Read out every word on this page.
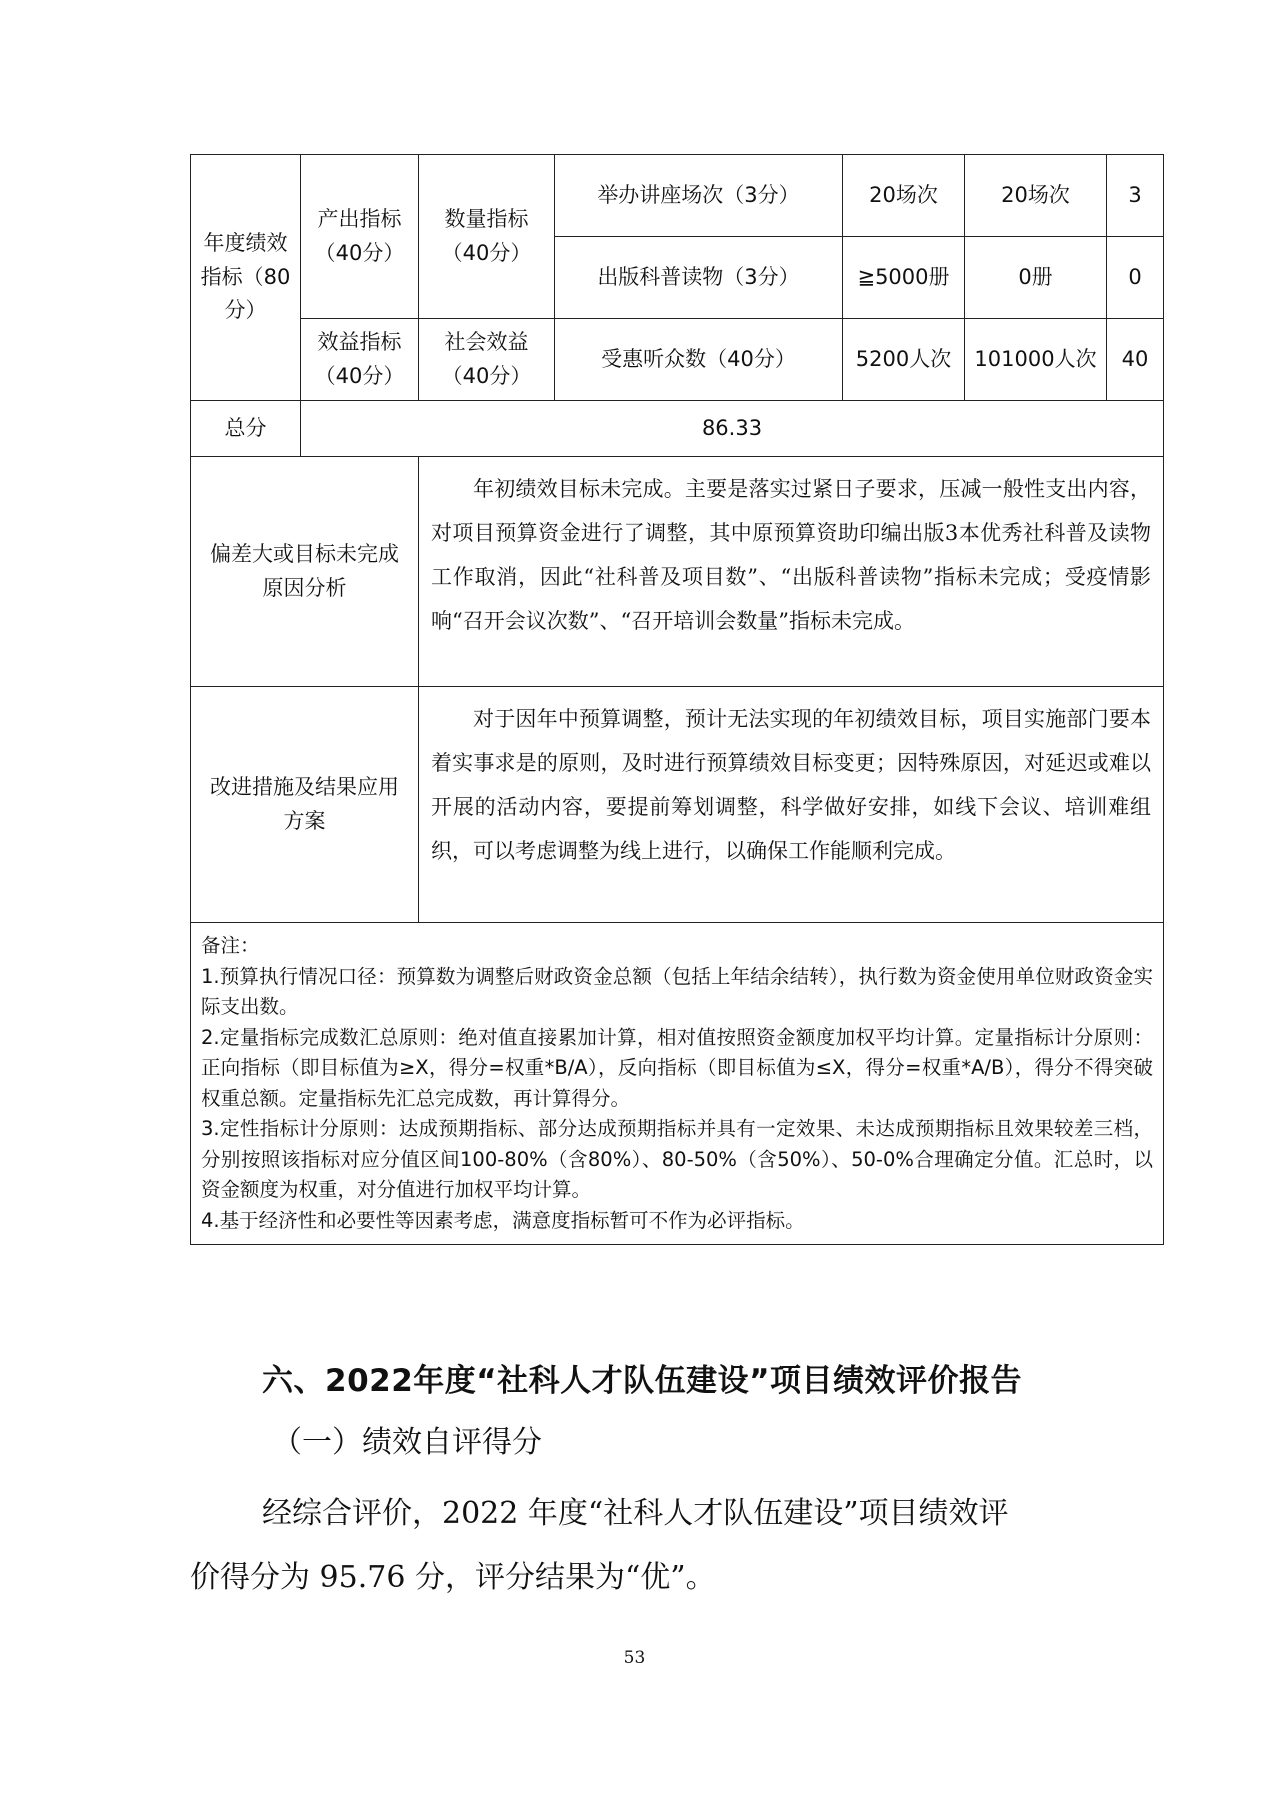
年度绩效指标（80分）	产出指标（40分）	数量指标（40分）	举办讲座场次（3分）	20场次	20场次	3
			出版科普读物（3分）	≧5000册	0册	0
	效益指标（40分）	社会效益（40分）	受惠听众数（40分）	5200人次	101000人次	40
总分	86.33					
偏差大或目标未完成原因分析		年初绩效目标未完成。主要是落实过紧日子要求，压减一般性支出内容，对项目预算资金进行了调整，其中原预算资助印编出版3本优秀社科普及读物工作取消，因此“社科普及项目数”、“出版科普读物”指标未完成；受疫情影响“召开会议次数”、“召开培训会数量”指标未完成。				

改进措施及结果应用方案		对于因年中预算调整，预计无法实现的年初绩效目标，项目实施部门要本着实事求是的原则，及时进行预算绩效目标变更；因特殊原因，对延迟或难以开展的活动内容，要提前筹划调整，科学做好安排，如线下会议、培训难组织，可以考虑调整为线上进行，以确保工作能顺利完成。				

备注：
1.预算执行情况口径：预算数为调整后财政资金总额（包括上年结余结转），执行数为资金使用单位财政资金实际支出数。
2.定量指标完成数汇总原则：绝对值直接累加计算，相对值按照资金额度加权平均计算。定量指标计分原则：正向指标（即目标值为≥X，得分=权重*B/A），反向指标（即目标值为≤X，得分=权重*A/B），得分不得突破权重总额。定量指标先汇总完成数，再计算得分。
3.定性指标计分原则：达成预期指标、部分达成预期指标并具有一定效果、未达成预期指标且效果较差三档，分别按照该指标对应分值区间100-80%（含80%）、80-50%（含50%）、50-0%合理确定分值。汇总时，以资金额度为权重，对分值进行加权平均计算。
4.基于经济性和必要性等因素考虑，满意度指标暂可不作为必评指标。						
六、2022年度“社科人才队伍建设”项目绩效评价报告
（一）绩效自评得分
经综合评价，2022 年度“社科人才队伍建设”项目绩效评
价得分为 95.76 分，评分结果为“优”。
53
